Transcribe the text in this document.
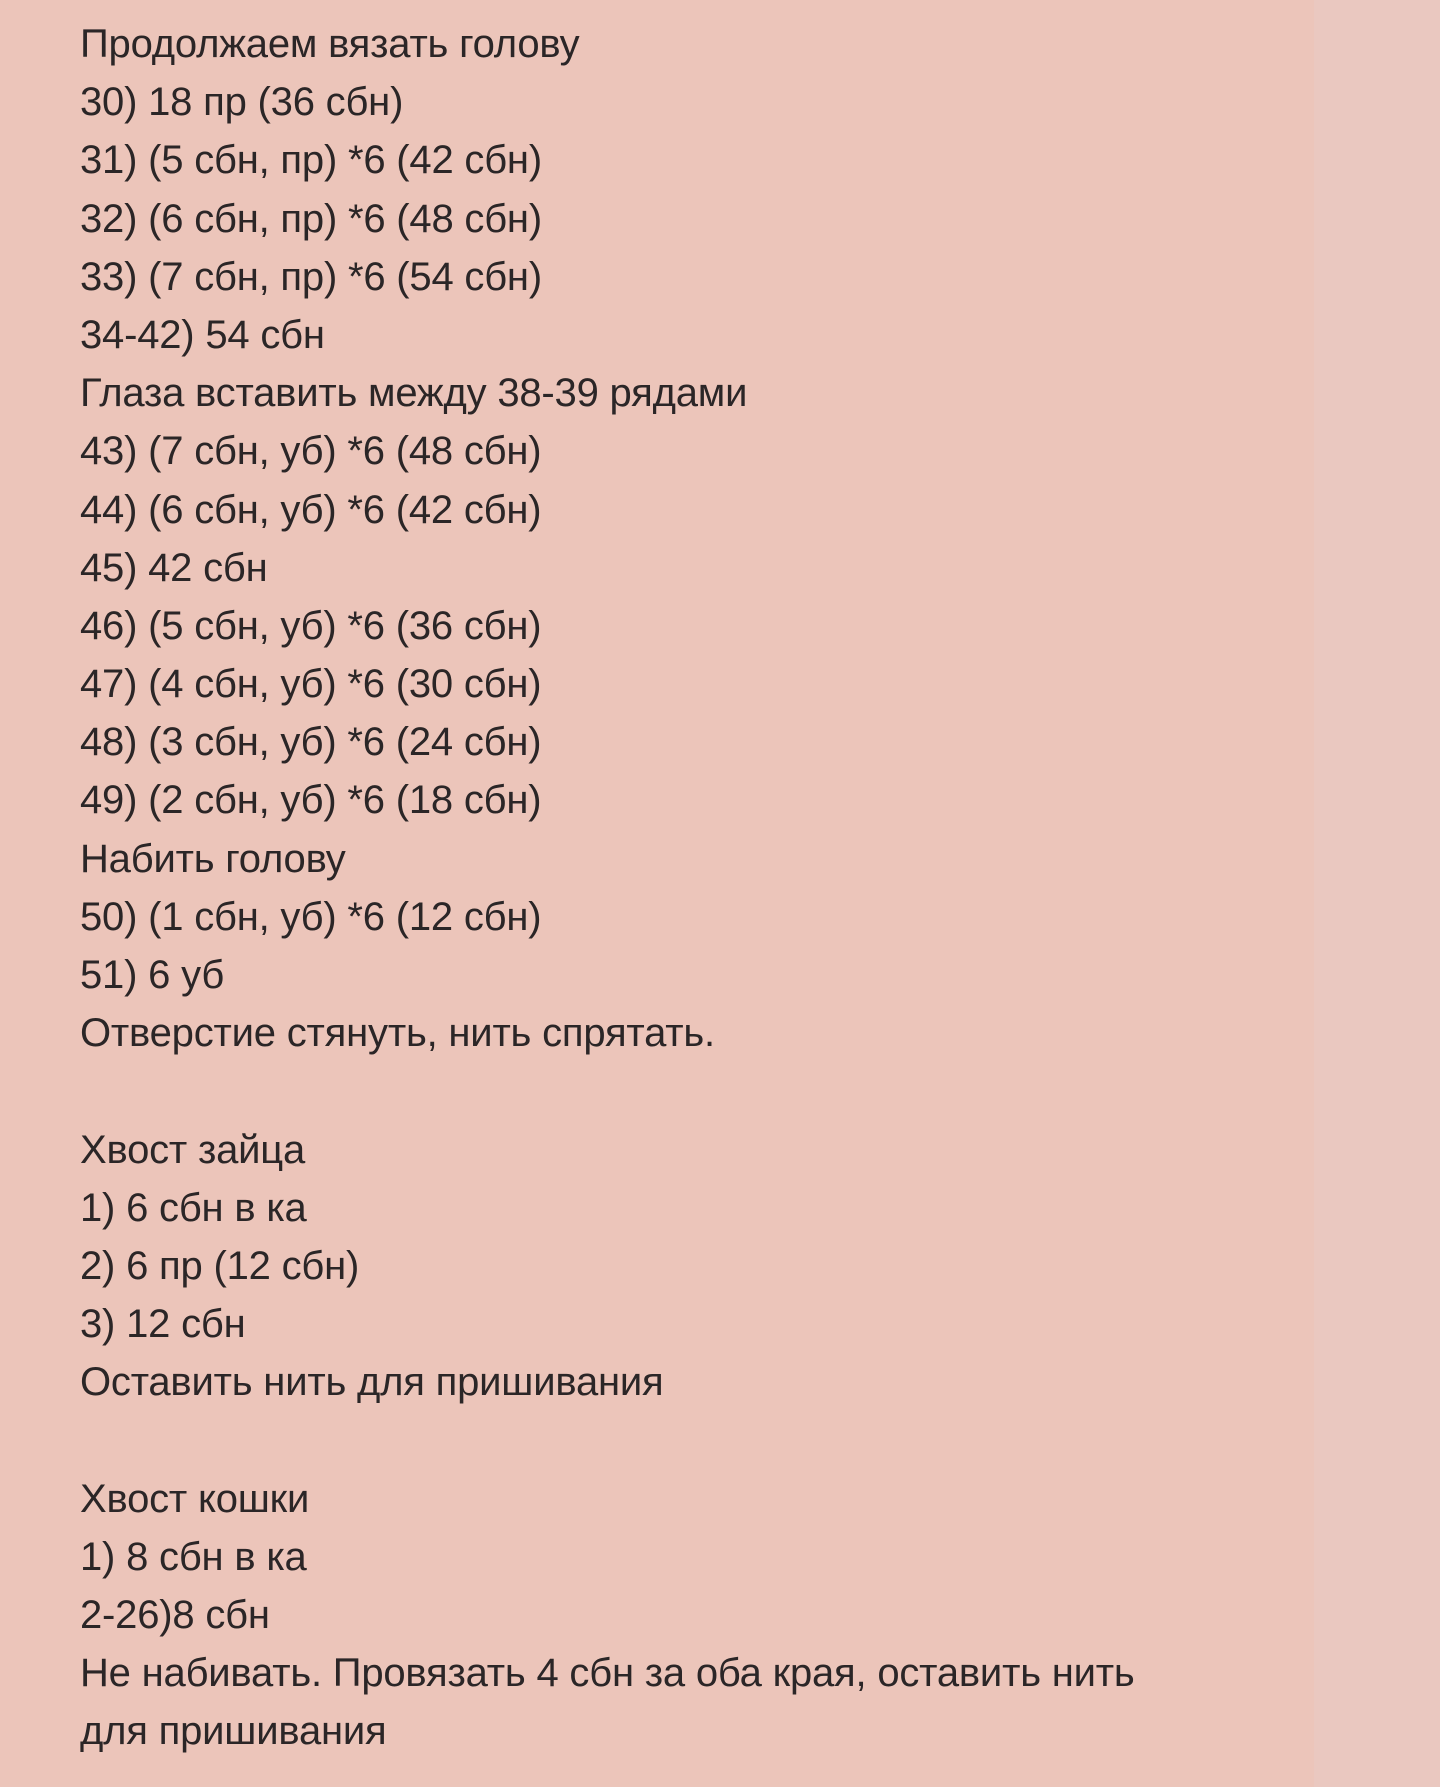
Продолжаем вязать голову
30) 18 пр (36 сбн)
31) (5 сбн, пр) *6 (42 сбн)
32) (6 сбн, пр) *6 (48 сбн)
33) (7 сбн, пр) *6 (54 сбн)
34-42) 54 сбн
Глаза вставить между 38-39 рядами
43) (7 сбн, уб) *6 (48 сбн)
44) (6 сбн, уб) *6 (42 сбн)
45) 42 сбн
46) (5 сбн, уб) *6 (36 сбн)
47) (4 сбн, уб) *6 (30 сбн)
48) (3 сбн, уб) *6 (24 сбн)
49) (2 сбн, уб) *6 (18 сбн)
Набить голову
50) (1 сбн, уб) *6 (12 сбн)
51) 6 уб
Отверстие стянуть, нить спрятать.
Хвост зайца
1) 6 сбн в ка
2) 6 пр (12 сбн)
3) 12 сбн
Оставить нить для пришивания
Хвост кошки
1) 8 сбн в ка
2-26)8 сбн
Не набивать. Провязать 4 сбн за оба края, оставить нить
для пришивания
